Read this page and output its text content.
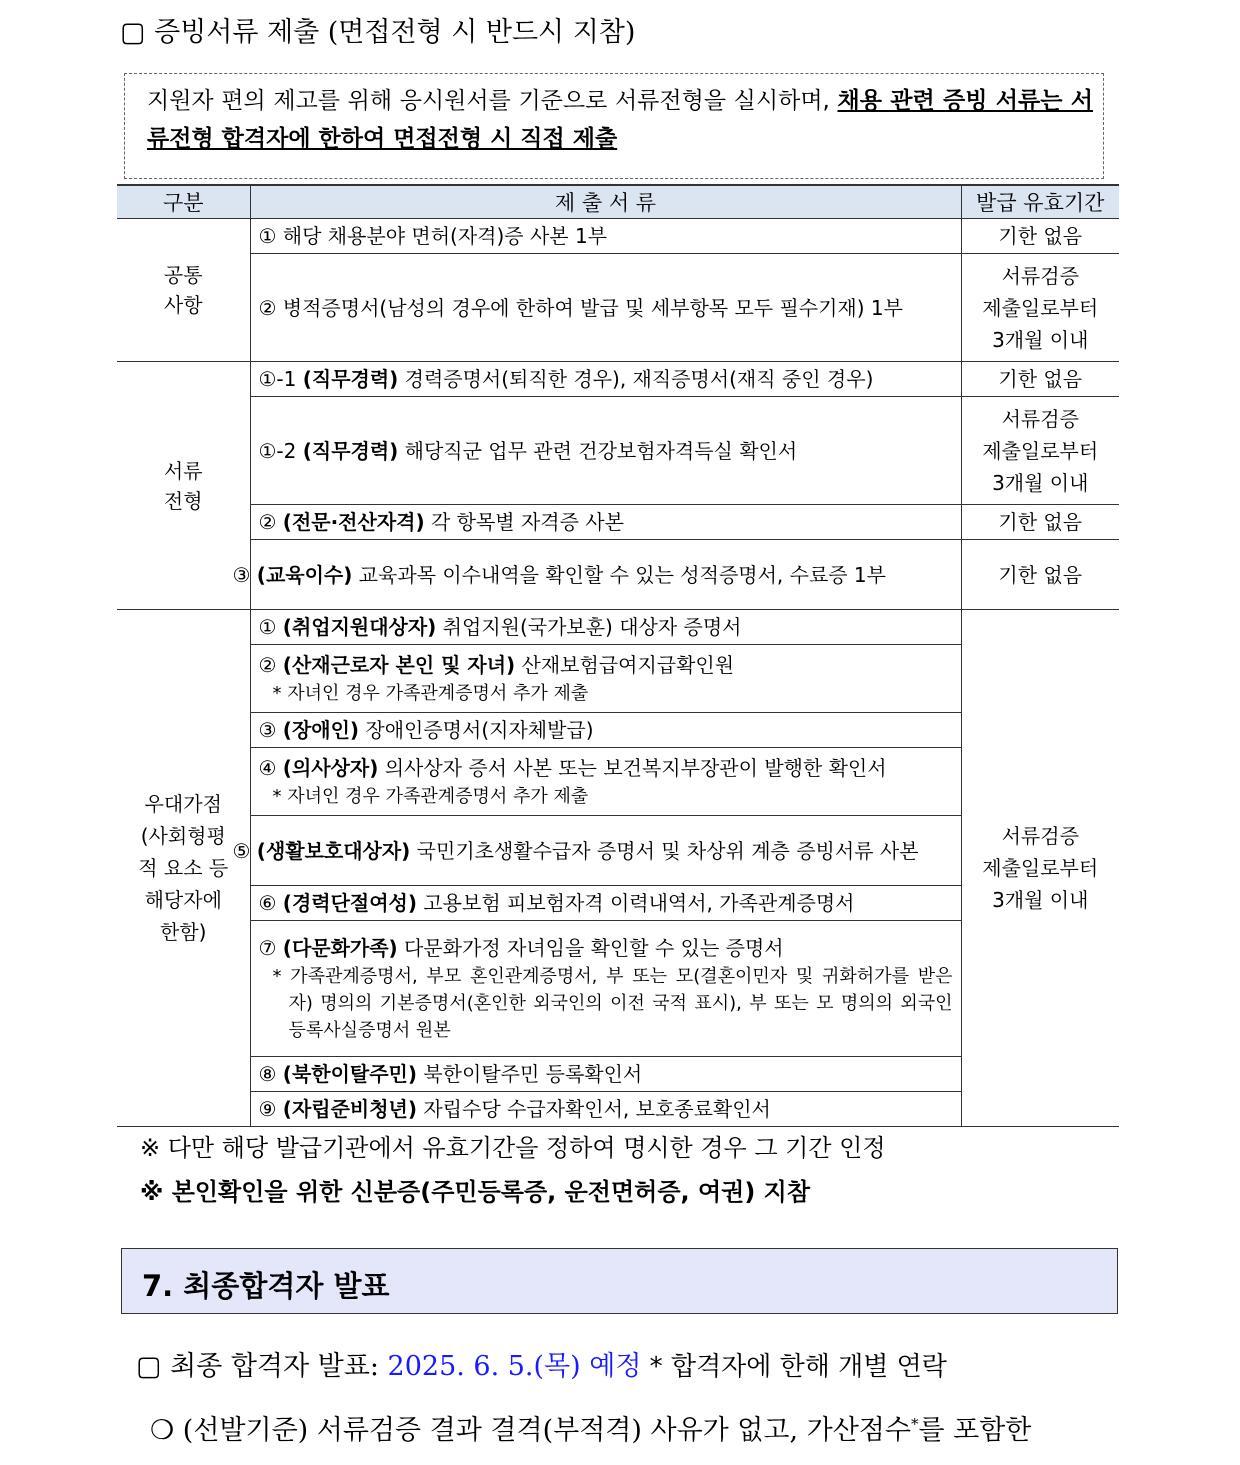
▢ 증빙서류 제출 (면접전형 시 반드시 지참)
지원자 편의 제고를 위해 응시원서를 기준으로 서류전형을 실시하며, 채용 관련 증빙 서류는 서류전형 합격자에 한하여 면접전형 시 직접 제출
구분	제 출 서 류	발급 유효기간
공통
사항	① 해당 채용분야 면허(자격)증 사본 1부	기한 없음
	② 병적증명서(남성의 경우에 한하여 발급 및 세부항목 모두 필수기재) 1부	서류검증
제출일로부터
3개월 이내
서류
전형	①-1 (직무경력) 경력증명서(퇴직한 경우), 재직증명서(재직 중인 경우)	기한 없음
	①-2 (직무경력) 해당직군 업무 관련 건강보험자격득실 확인서	서류검증
제출일로부터
3개월 이내
	② (전문·전산자격) 각 항목별 자격증 사본	기한 없음
	③ (교육이수) 교육과목 이수내역을 확인할 수 있는 성적증명서, 수료증 1부	기한 없음
우대가점
(사회형평
적 요소 등
해당자에
한함)	① (취업지원대상자) 취업지원(국가보훈) 대상자 증명서	서류검증
제출일로부터
3개월 이내
	② (산재근로자 본인 및 자녀) 산재보험급여지급확인원
* 자녀인 경우 가족관계증명서 추가 제출	

	③ (장애인) 장애인증명서(지자체발급)	
	④ (의사상자) 의사상자 증서 사본 또는 보건복지부장관이 발행한 확인서
* 자녀인 경우 가족관계증명서 추가 제출	

	⑤ (생활보호대상자) 국민기초생활수급자 증명서 및 차상위 계층 증빙서류 사본	
	⑥ (경력단절여성) 고용보험 피보험자격 이력내역서, 가족관계증명서	
	⑦ (다문화가족) 다문화가정 자녀임을 확인할 수 있는 증명서
* 가족관계증명서, 부모 혼인관계증명서, 부 또는 모(결혼이민자 및 귀화허가를 받은 자) 명의의 기본증명서(혼인한 외국인의 이전 국적 표시), 부 또는 모 명의의 외국인 등록사실증명서 원본	

	⑧ (북한이탈주민) 북한이탈주민 등록확인서	
	⑨ (자립준비청년) 자립수당 수급자확인서, 보호종료확인서	
※ 다만 해당 발급기관에서 유효기간을 정하여 명시한 경우 그 기간 인정
※ 본인확인을 위한 신분증(주민등록증, 운전면허증, 여권) 지참
7. 최종합격자 발표
▢ 최종 합격자 발표: 2025. 6. 5.(목) 예정 * 합격자에 한해 개별 연락
❍ (선발기준) 서류검증 결과 결격(부적격) 사유가 없고, 가산점수*를 포함한
